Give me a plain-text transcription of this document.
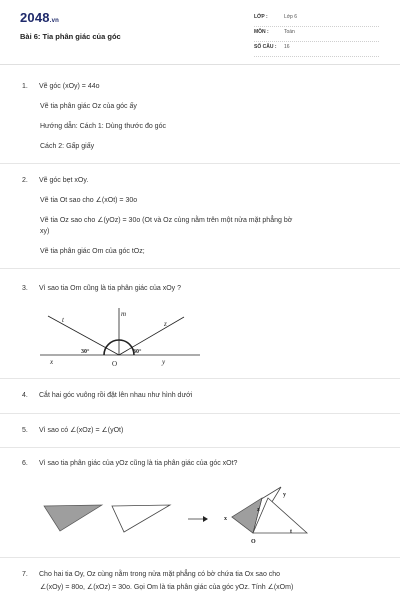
2048.vn
Bài 6: Tia phân giác của góc
LỚP :	Lớp 6
MÔN :	Toán
SỐ CÂU : 16
1. Vẽ góc (xOy) = 44o
Vẽ tia phân giác Oz của góc ấy
Hướng dẫn: Cách 1: Dùng thước đo góc
Cách 2: Gấp giấy
2. Vẽ góc bẹt xOy.
Vẽ tia Ot sao cho ∠(xOt) = 30o
Vẽ tia Oz sao cho ∠(yOz) = 30o (Ot và Oz cùng nằm trên một nửa mặt phẳng bờ
xy)
Vẽ tia phân giác Om của góc tOz;
3. Vì sao tia Om cũng là tia phân giác của xOy ?
t
m
z
30°	30°
x	y
O
4. Cắt hai góc vuông rồi đặt lên nhau như hình dưới
5. Vì sao có ∠(xOz) = ∠(yOt)
6. Vì sao tia phân giác của yOz cũng là tia phân giác của góc xOt?
x
y
z
t
O
7. Cho hai tia Oy, Oz cùng nằm trong nửa mặt phẳng có bờ chứa tia Ox sao cho
∠(xOy) = 80o, ∠(xOz) = 30o. Gọi Om là tia phân giác của góc yOz. Tính ∠(xOm)
